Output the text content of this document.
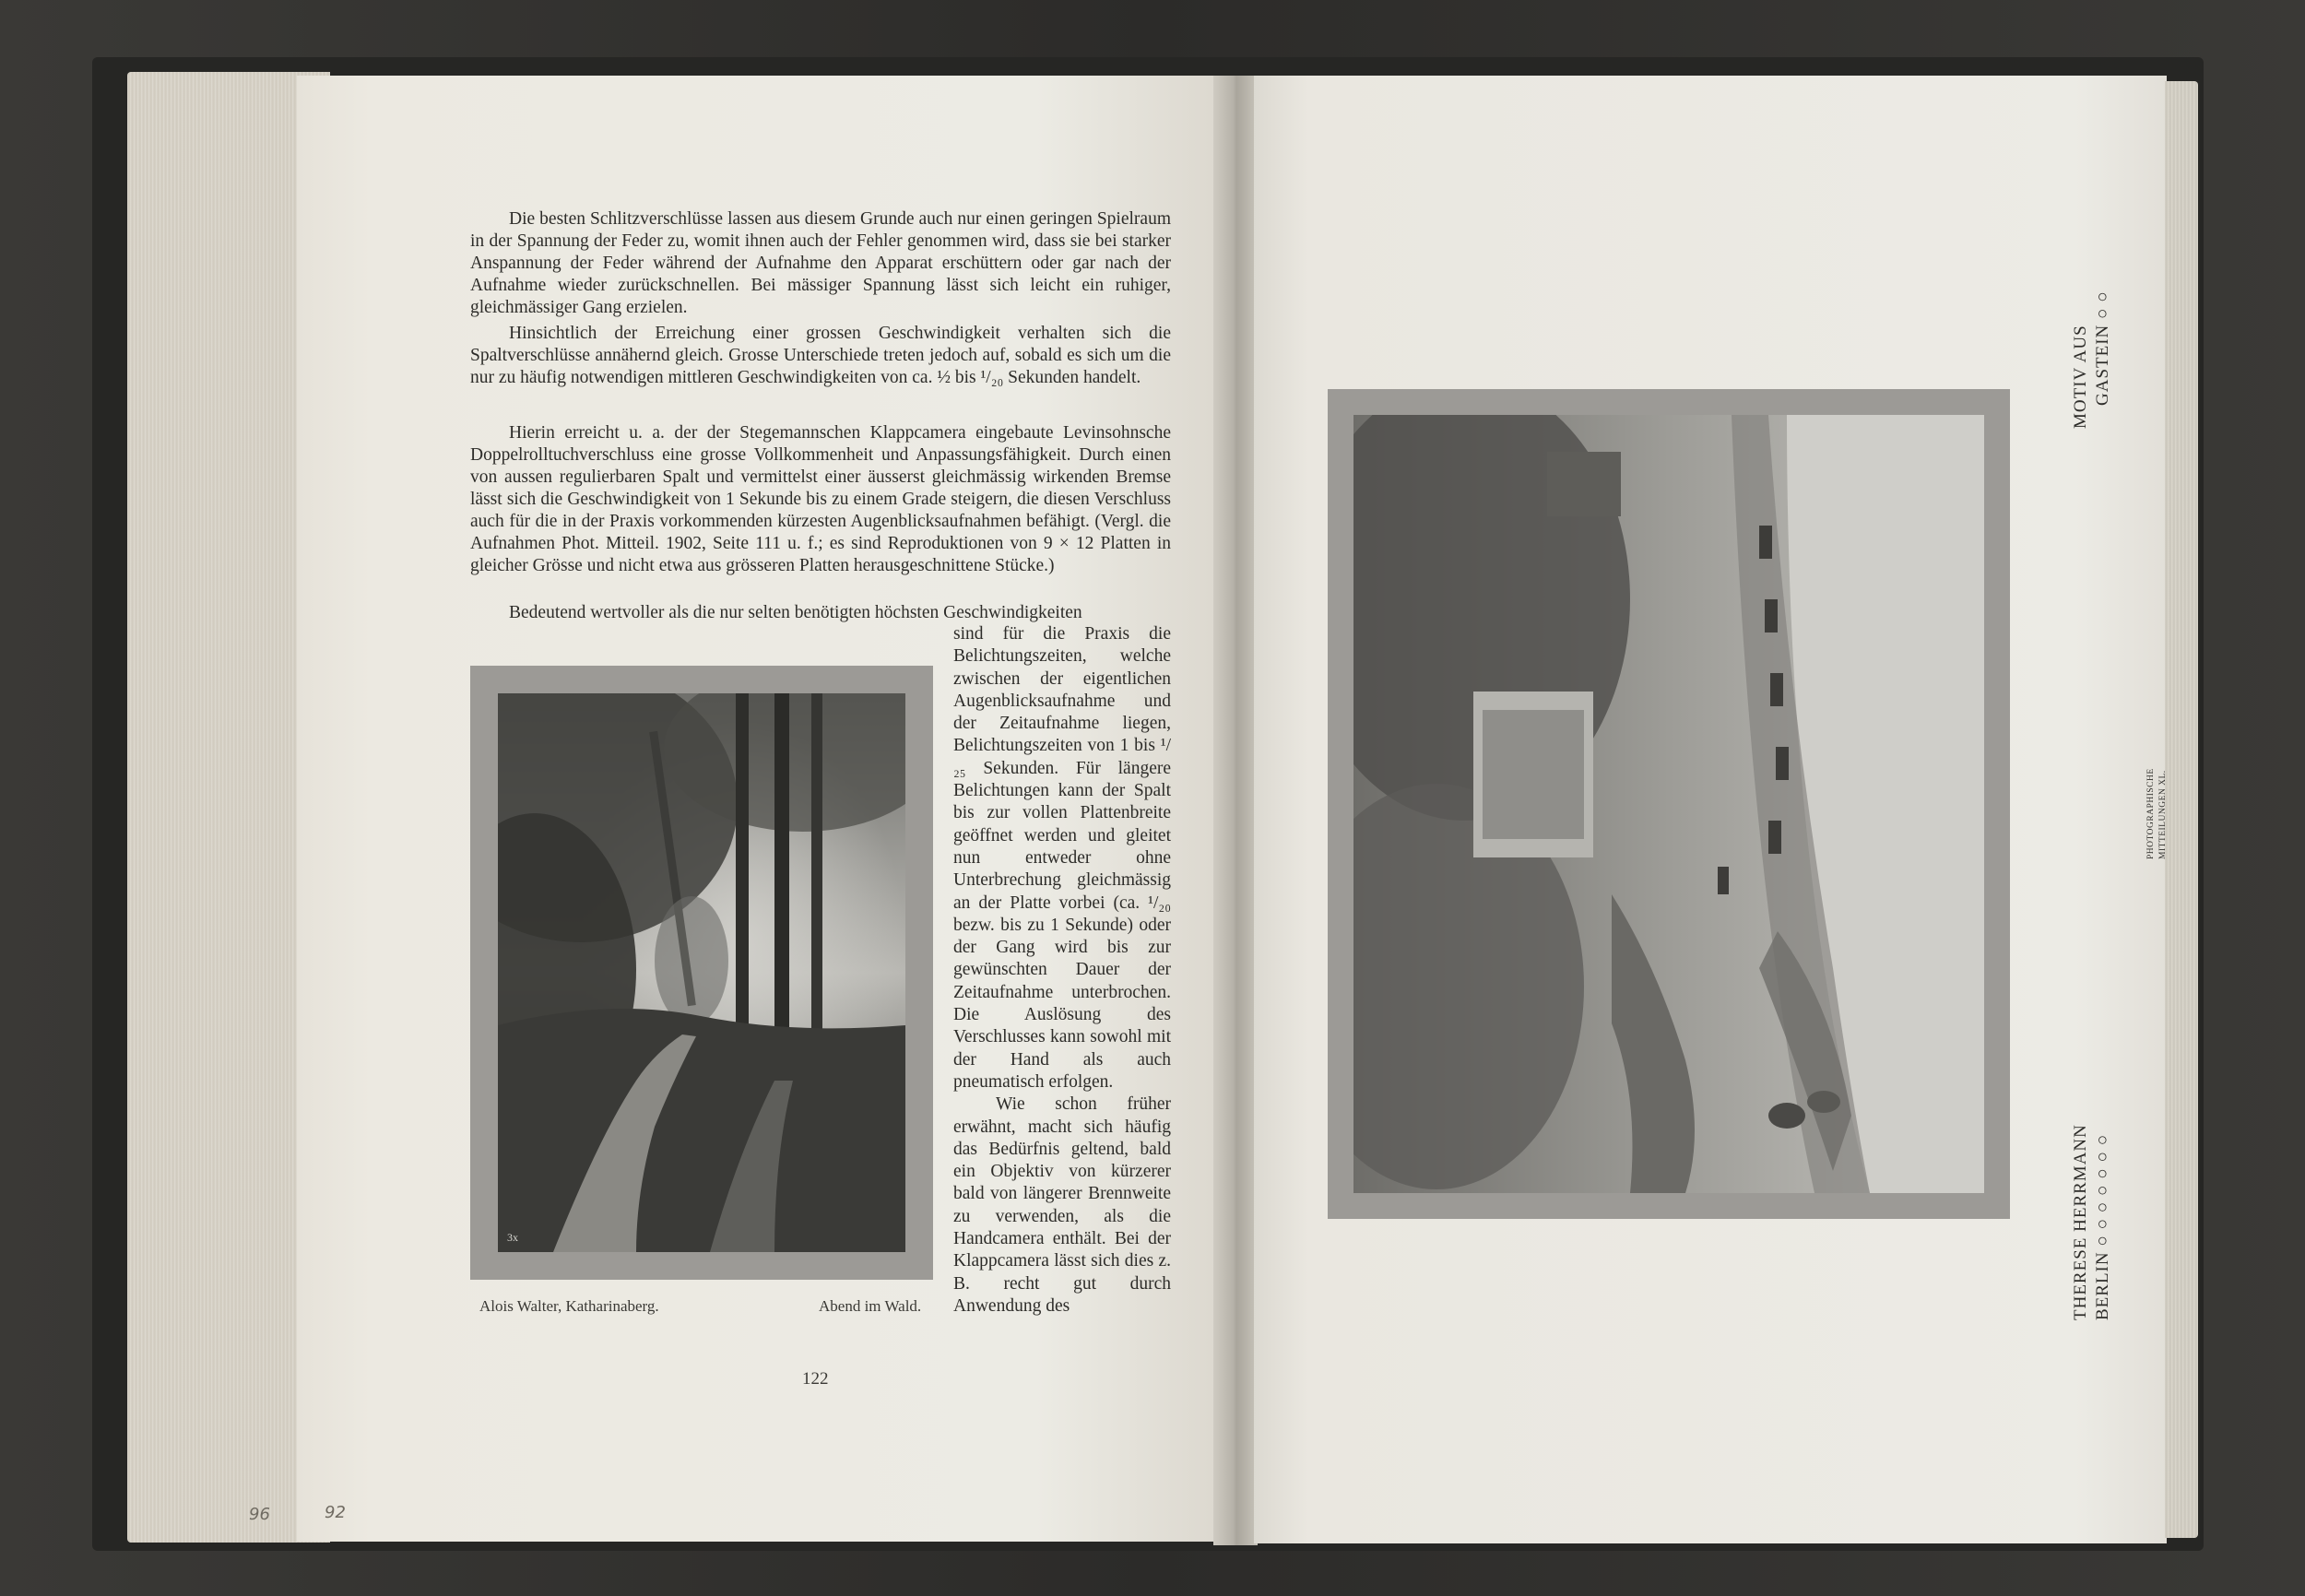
Die besten Schlitzverschlüsse lassen aus diesem Grunde auch nur einen geringen Spielraum in der Spannung der Feder zu, womit ihnen auch der Fehler genommen wird, dass sie bei starker Anspannung der Feder während der Aufnahme den Apparat erschüttern oder gar nach der Aufnahme wieder zurückschnellen. Bei mässiger Spannung lässt sich leicht ein ruhiger, gleichmässiger Gang erzielen.

Hinsichtlich der Erreichung einer grossen Geschwindigkeit verhalten sich die Spaltverschlüsse annähernd gleich. Grosse Unterschiede treten jedoch auf, sobald es sich um die nur zu häufig notwendigen mittleren Geschwindigkeiten von ca. ½ bis ¹/₂₀ Sekunden handelt.

Hierin erreicht u. a. der der Stegemannschen Klappcamera eingebaute Levinsohnsche Doppelrolltuchverschluss eine grosse Vollkommenheit und Anpassungsfähigkeit. Durch einen von aussen regulierbaren Spalt und vermittelst einer äusserst gleichmässig wirkenden Bremse lässt sich die Geschwindigkeit von 1 Sekunde bis zu einem Grade steigern, die diesen Verschluss auch für die in der Praxis vorkommenden kürzesten Augenblicksaufnahmen befähigt. (Vergl. die Aufnahmen Phot. Mitteil. 1902, Seite 111 u. f.; es sind Reproduktionen von 9 × 12 Platten in gleicher Grösse und nicht etwa aus grösseren Platten herausgeschnittene Stücke.)

Bedeutend wertvoller als die nur selten benötigten höchsten Geschwindigkeiten

sind für die Praxis die Belichtungszeiten, welche zwischen der eigentlichen Augenblicksaufnahme und der Zeitaufnahme liegen, Belichtungszeiten von 1 bis ¹/₂₅ Sekunden. Für längere Belichtungen kann der Spalt bis zur vollen Plattenbreite geöffnet werden und gleitet nun entweder ohne Unterbrechung gleichmässig an der Platte vorbei (ca. ¹/₂₀ bezw. bis zu 1 Sekunde) oder der Gang wird bis zur gewünschten Dauer der Zeitaufnahme unterbrochen. Die Auslösung des Verschlusses kann sowohl mit der Hand als auch pneumatisch erfolgen.
Wie schon früher erwähnt, macht sich häufig das Bedürfnis geltend, bald ein Objektiv von kürzerer bald von längerer Brennweite zu verwenden, als die Handcamera enthält. Bei der Klappcamera lässt sich dies z. B. recht gut durch Anwendung des
3x
Alois Walter, Katharinaberg.	Abend im Wald.
122
96	92
MOTIV AUS GASTEIN ○ ○
THERESE HERRMANN BERLIN ○ ○ ○ ○ ○ ○ ○
PHOTOGRAPHISCHE MITTEILUNGEN XL.
